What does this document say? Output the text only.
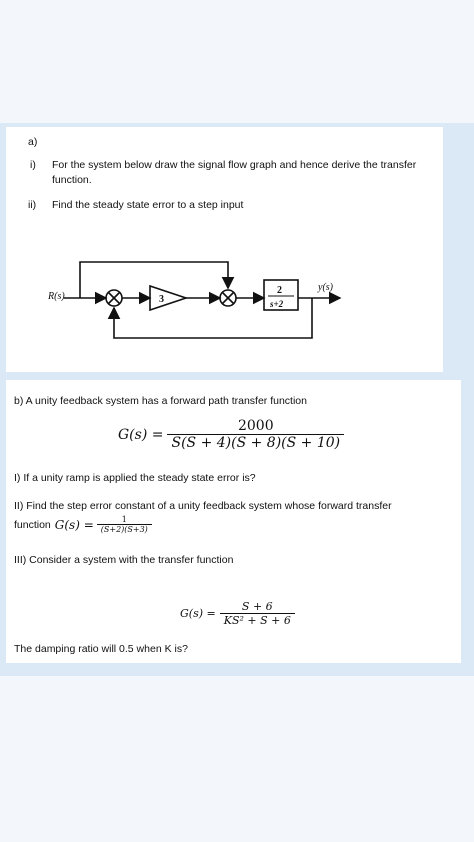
a)
i) For the system below draw the signal flow graph and hence derive the transfer
function.
ii) Find the steady state error to a step input
R(s)	3
2
s+2
y(s)
b) A unity feedback system has a forward path transfer function
$G(s) = \frac{2000}{S(S + 4)(S + 8)(S + 10)}$
I) If a unity ramp is applied the steady state error is?
II) Find the step error constant of a unity feedback system whose forward transfer
function $G(s) = \frac{1}{(S+2)(S+3)}$
III) Consider a system with the transfer function
$G(s) = \frac{S + 6}{\text{KS² + S + 6}}$
The damping ratio will 0.5 when K is?
